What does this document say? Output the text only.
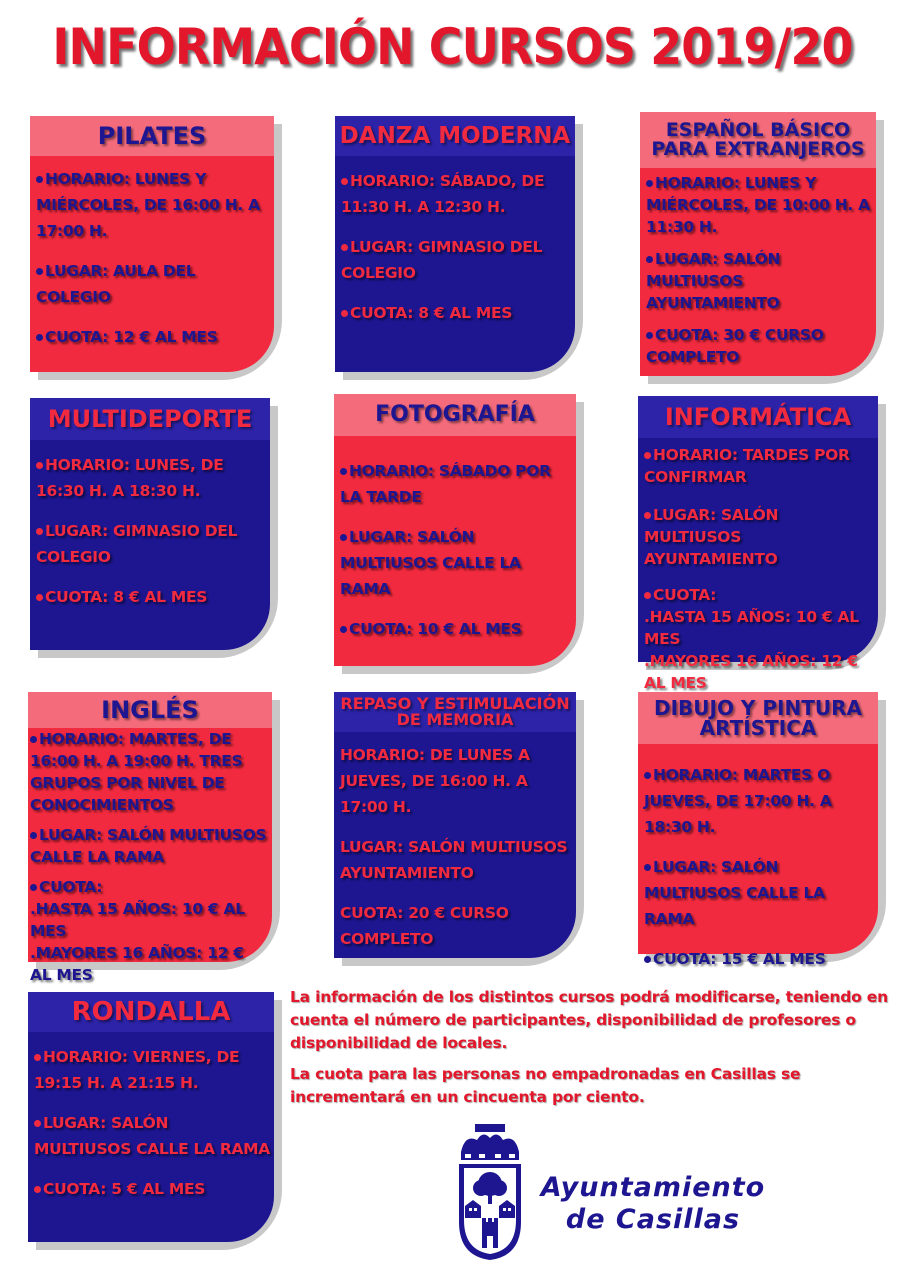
INFORMACIÓN CURSOS 2019/20
PILATES
HORARIO: LUNES Y MIÉRCOLES, DE 16:00 H. A 17:00 H.
LUGAR: AULA DEL COLEGIO
CUOTA: 12 € AL MES
DANZA MODERNA
HORARIO: SÁBADO, DE 11:30 H. A 12:30 H.
LUGAR: GIMNASIO DEL COLEGIO
CUOTA: 8 € AL MES
ESPAÑOL BÁSICO PARA EXTRANJEROS
HORARIO: LUNES Y MIÉRCOLES, DE 10:00 H. A 11:30 H.
LUGAR: SALÓN MULTIUSOS AYUNTAMIENTO
CUOTA: 30 € CURSO COMPLETO
MULTIDEPORTE
HORARIO: LUNES, DE 16:30 H. A 18:30 H.
LUGAR: GIMNASIO DEL COLEGIO
CUOTA: 8 € AL MES
FOTOGRAFÍA
HORARIO: SÁBADO POR LA TARDE
LUGAR: SALÓN MULTIUSOS CALLE LA RAMA
CUOTA: 10 € AL MES
INFORMÁTICA
HORARIO: TARDES POR CONFIRMAR
LUGAR: SALÓN MULTIUSOS AYUNTAMIENTO
CUOTA:
.HASTA 15 AÑOS: 10 € AL MES
.MAYORES 16 AÑOS: 12 € AL MES
INGLÉS
HORARIO: MARTES, DE 16:00 H. A 19:00 H. TRES GRUPOS POR NIVEL DE CONOCIMIENTOS
LUGAR: SALÓN MULTIUSOS CALLE LA RAMA
CUOTA:
.HASTA 15 AÑOS: 10 € AL MES
.MAYORES 16 AÑOS: 12 € AL MES
REPASO Y ESTIMULACIÓN DE MEMORIA
HORARIO: DE LUNES A JUEVES, DE 16:00 H. A 17:00 H.
LUGAR: SALÓN MULTIUSOS AYUNTAMIENTO
CUOTA: 20 € CURSO COMPLETO
DIBUJO Y PINTURA ARTÍSTICA
HORARIO: MARTES O JUEVES, DE 17:00 H. A 18:30 H.
LUGAR: SALÓN MULTIUSOS CALLE LA RAMA
CUOTA: 15 € AL MES
RONDALLA
HORARIO: VIERNES, DE 19:15 H. A 21:15 H.
LUGAR: SALÓN MULTIUSOS CALLE LA RAMA
CUOTA: 5 € AL MES

La información de los distintos cursos podrá modificarse, teniendo en cuenta el número de participantes, disponibilidad de profesores o disponibilidad de locales.

La cuota para las personas no empadronadas en Casillas se incrementará en un cincuenta por ciento.

Ayuntamiento
de Casillas
